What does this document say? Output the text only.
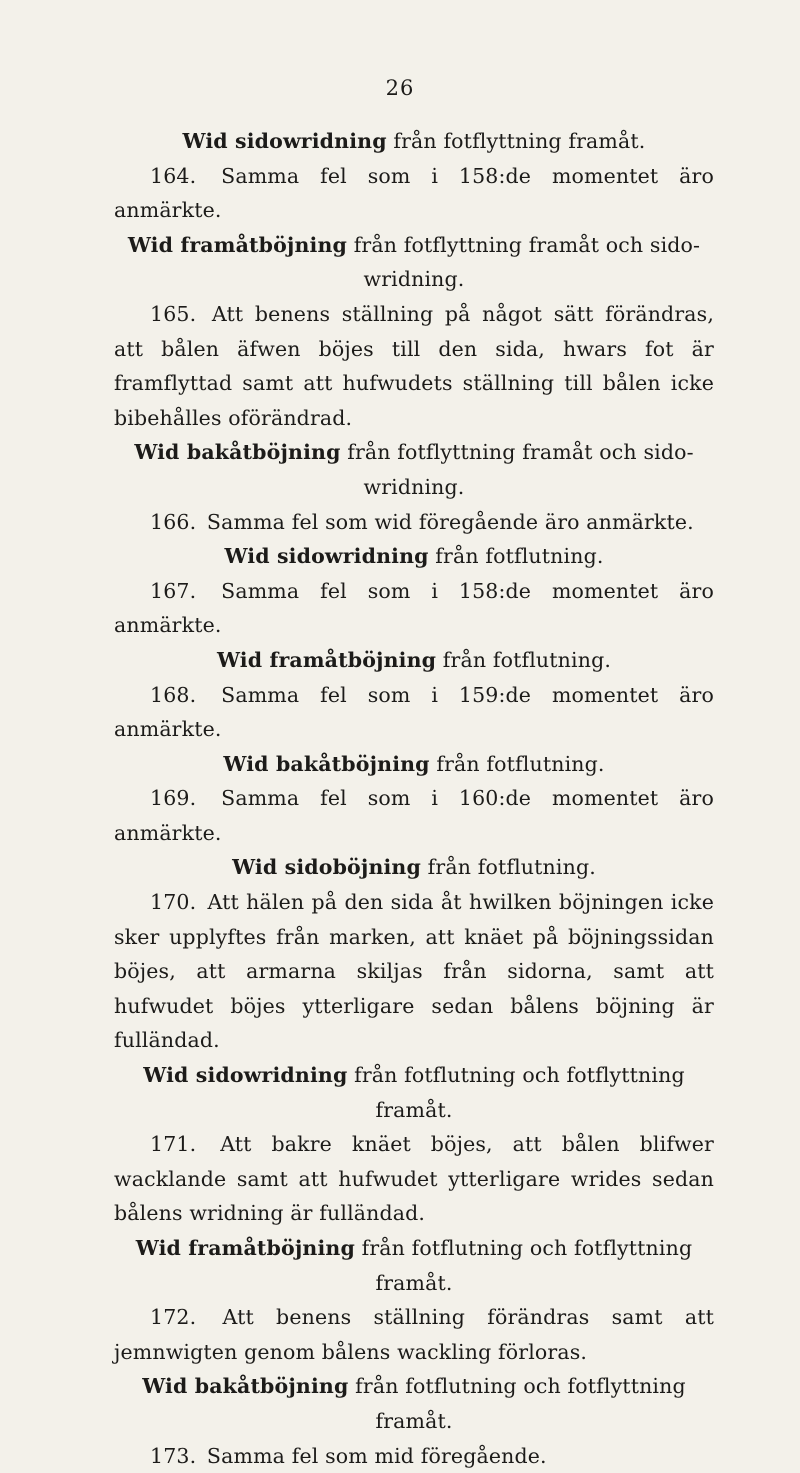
26
Wid sidowridning från fotflyttning framåt.
164. Samma fel som i 158:de momentet äro anmärkte.
Wid framåtböjning från fotflyttning framåt och sido-wridning.
165. Att benens ställning på något sätt förändras, att bålen äfwen böjes till den sida, hwars fot är framflyttad samt att hufwudets ställning till bålen icke bibehålles oförändrad.
Wid bakåtböjning från fotflyttning framåt och sido-wridning.
166. Samma fel som wid föregående äro anmärkte.
Wid sidowridning från fotflutning.
167. Samma fel som i 158:de momentet äro anmärkte.
Wid framåtböjning från fotflutning.
168. Samma fel som i 159:de momentet äro anmärkte.
Wid bakåtböjning från fotflutning.
169. Samma fel som i 160:de momentet äro anmärkte.
Wid sidoböjning från fotflutning.
170. Att hälen på den sida åt hwilken böjningen icke sker upplyftes från marken, att knäet på böjningssidan böjes, att armarna skiljas från sidorna, samt att hufwudet böjes ytterligare sedan bålens böjning är fulländad.
Wid sidowridning från fotflutning och fotflyttning framåt.
171. Att bakre knäet böjes, att bålen blifwer wacklande samt att hufwudet ytterligare wrides sedan bålens wridning är fulländad.
Wid framåtböjning från fotflutning och fotflyttning framåt.
172. Att benens ställning förändras samt att jemnwigten genom bålens wackling förloras.
Wid bakåtböjning från fotflutning och fotflyttning framåt.
173. Samma fel som mid föregående.
